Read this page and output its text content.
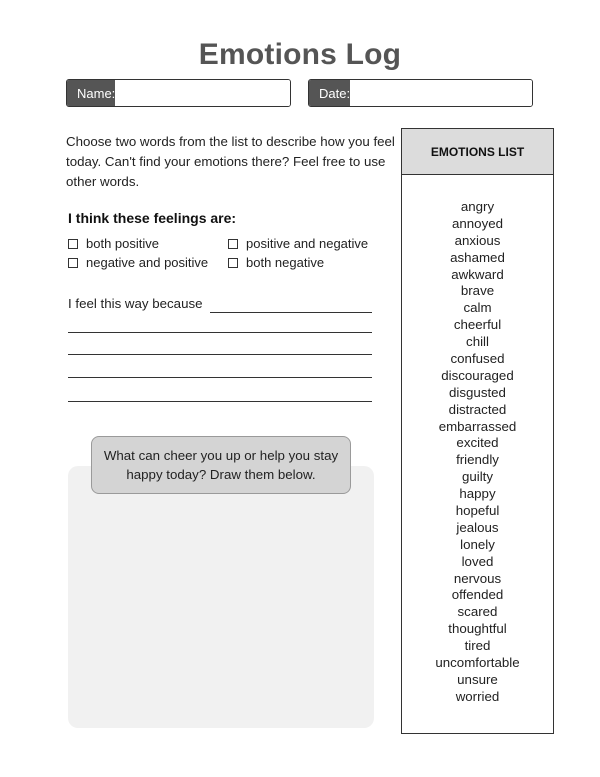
Emotions Log
Name:	Date:
Choose two words from the list to describe how you feel today. Can't find your emotions there? Feel free to use other words.
I think these feelings are:
both positive	positive and negative
negative and positive	both negative
I feel this way because
What can cheer you up or help you stay happy today? Draw them below.
EMOTIONS LIST
angry
annoyed
anxious
ashamed
awkward
brave
calm
cheerful
chill
confused
discouraged
disgusted
distracted
embarrassed
excited
friendly
guilty
happy
hopeful
jealous
lonely
loved
nervous
offended
scared
thoughtful
tired
uncomfortable
unsure
worried
